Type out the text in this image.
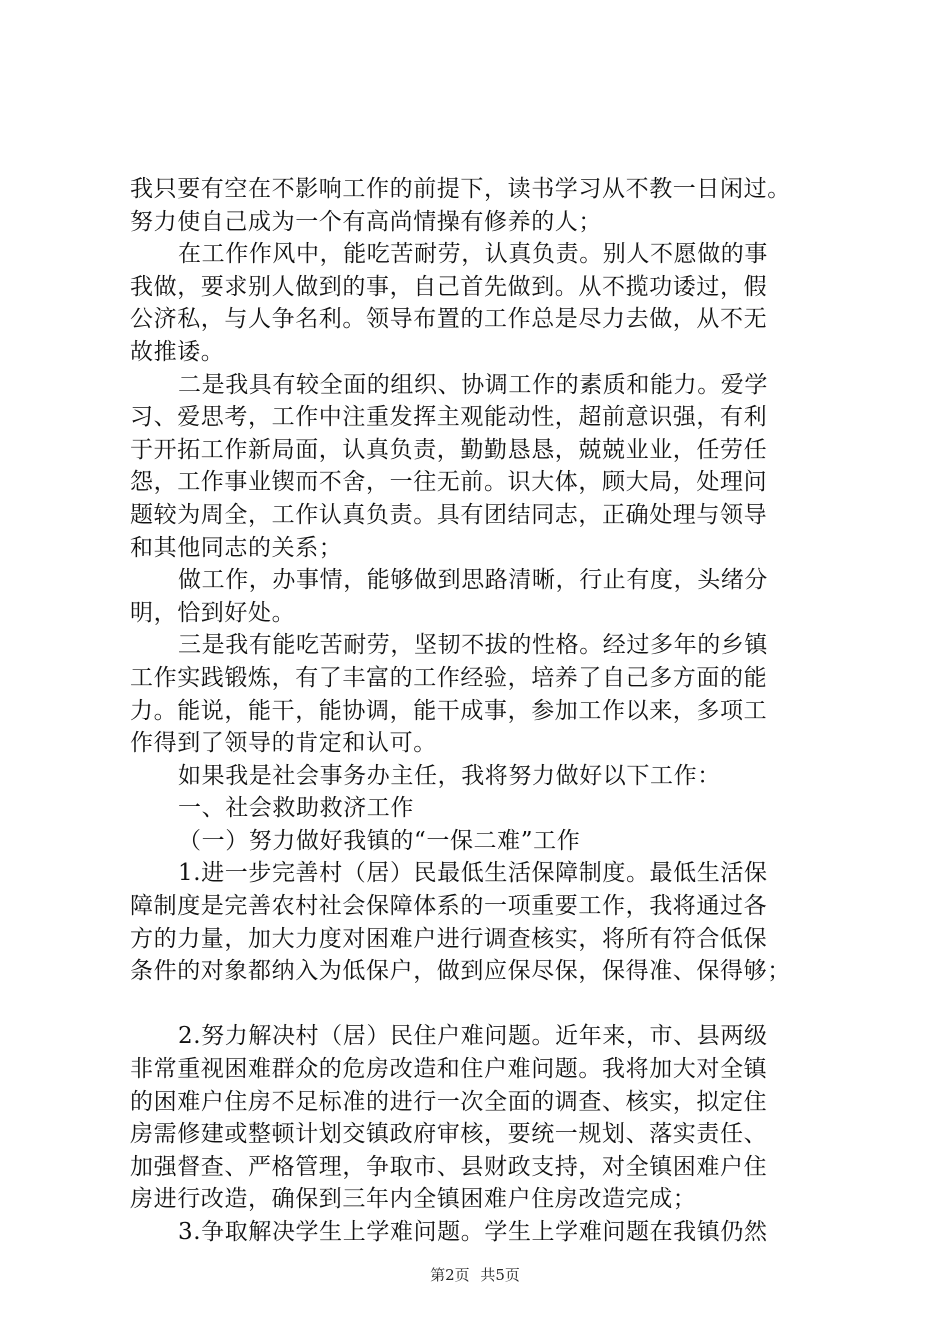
我只要有空在不影响工作的前提下，读书学习从不教一日闲过。
努力使自己成为一个有高尚情操有修养的人；
在工作作风中，能吃苦耐劳，认真负责。别人不愿做的事
我做，要求别人做到的事，自己首先做到。从不揽功诿过，假
公济私，与人争名利。领导布置的工作总是尽力去做，从不无
故推诿。
二是我具有较全面的组织、协调工作的素质和能力。爱学
习、爱思考，工作中注重发挥主观能动性，超前意识强，有利
于开拓工作新局面，认真负责，勤勤恳恳，兢兢业业，任劳任
怨，工作事业锲而不舍，一往无前。识大体，顾大局，处理问
题较为周全，工作认真负责。具有团结同志，正确处理与领导
和其他同志的关系；
做工作，办事情，能够做到思路清晰，行止有度，头绪分
明，恰到好处。
三是我有能吃苦耐劳，坚韧不拔的性格。经过多年的乡镇
工作实践锻炼，有了丰富的工作经验，培养了自己多方面的能
力。能说，能干，能协调，能干成事，参加工作以来，多项工
作得到了领导的肯定和认可。
如果我是社会事务办主任，我将努力做好以下工作：
一、社会救助救济工作
（一）努力做好我镇的“一保二难”工作
1.进一步完善村（居）民最低生活保障制度。最低生活保
障制度是完善农村社会保障体系的一项重要工作，我将通过各
方的力量，加大力度对困难户进行调查核实，将所有符合低保
条件的对象都纳入为低保户，做到应保尽保，保得准、保得够；
2.努力解决村（居）民住户难问题。近年来，市、县两级
非常重视困难群众的危房改造和住户难问题。我将加大对全镇
的困难户住房不足标准的进行一次全面的调查、核实，拟定住
房需修建或整顿计划交镇政府审核，要统一规划、落实责任、
加强督查、严格管理，争取市、县财政支持，对全镇困难户住
房进行改造，确保到三年内全镇困难户住房改造完成；
3.争取解决学生上学难问题。学生上学难问题在我镇仍然
第2页 共5页
